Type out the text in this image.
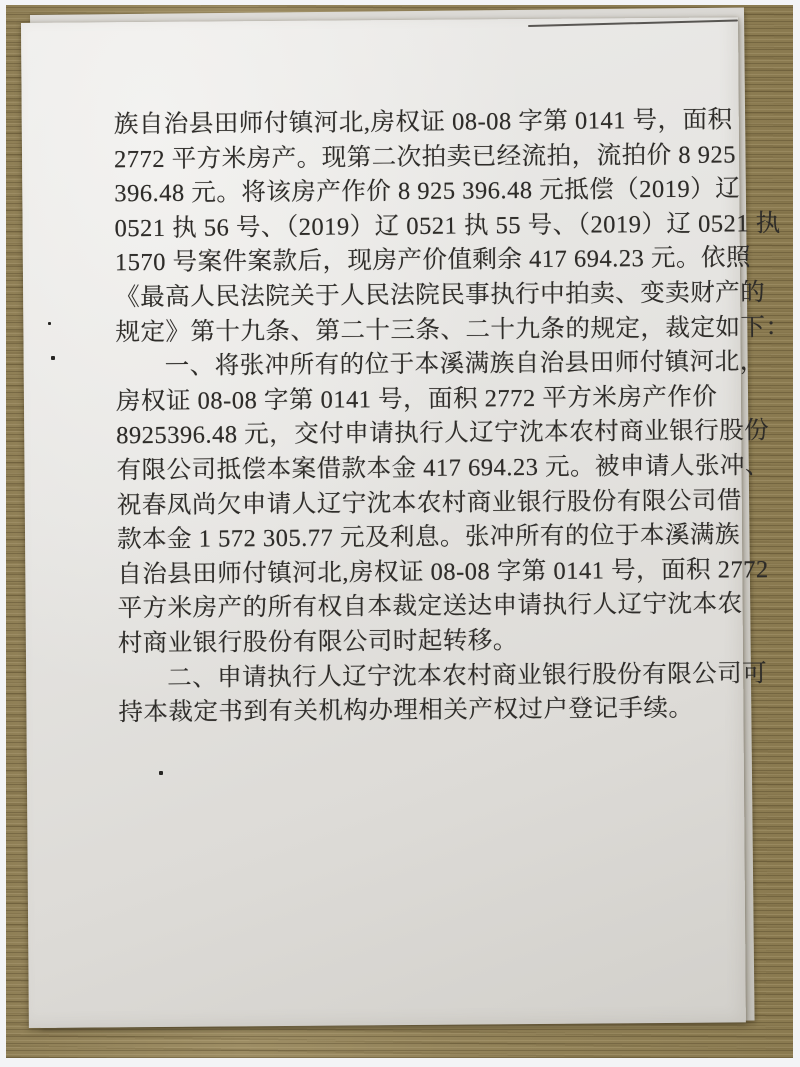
族自治县田师付镇河北,房权证 08-08 字第 0141 号，面积
2772 平方米房产。现第二次拍卖已经流拍，流拍价 8 925
396.48 元。将该房产作价 8 925 396.48 元抵偿（2019）辽
0521 执 56 号、（2019）辽 0521 执 55 号、（2019）辽 0521 执
1570 号案件案款后，现房产价值剩余 417 694.23 元。依照
《最高人民法院关于人民法院民事执行中拍卖、变卖财产的
规定》第十九条、第二十三条、二十九条的规定，裁定如下：
一、将张冲所有的位于本溪满族自治县田师付镇河北，
房权证 08-08 字第 0141 号，面积 2772 平方米房产作价
8925396.48 元，交付申请执行人辽宁沈本农村商业银行股份
有限公司抵偿本案借款本金 417 694.23 元。被申请人张冲、
祝春凤尚欠申请人辽宁沈本农村商业银行股份有限公司借
款本金 1 572 305.77 元及利息。张冲所有的位于本溪满族
自治县田师付镇河北,房权证 08-08 字第 0141 号，面积 2772
平方米房产的所有权自本裁定送达申请执行人辽宁沈本农
村商业银行股份有限公司时起转移。
二、申请执行人辽宁沈本农村商业银行股份有限公司可
持本裁定书到有关机构办理相关产权过户登记手续。
